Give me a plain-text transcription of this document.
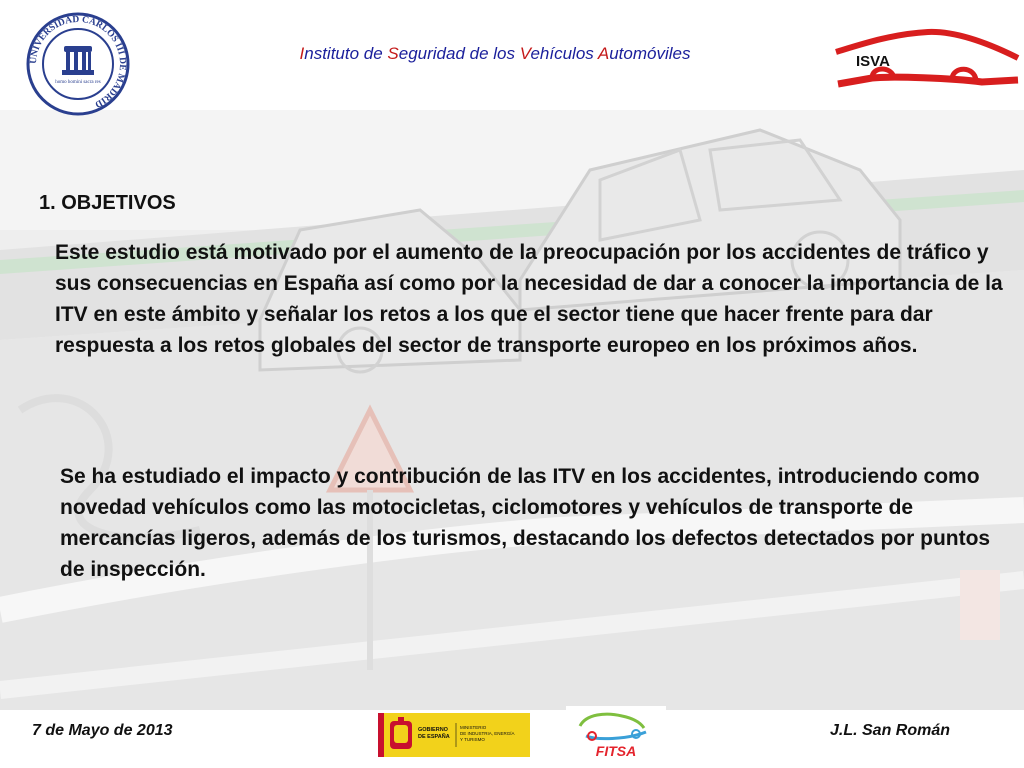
UNIVERSIDAD CARLOS III DE MADRID
homo homini sacra res
Instituto de Seguridad de los Vehículos Automóviles	ISVA
1. OBJETIVOS
Este estudio está motivado por el aumento de la preocupación por los accidentes de tráfico y sus consecuencias en España así como por la necesidad de dar a conocer la importancia de la ITV en este ámbito y señalar los retos a los que el sector tiene que hacer frente para dar respuesta a los retos globales del sector de transporte europeo en los próximos años.
Se ha estudiado el impacto y contribución de las ITV en los accidentes, introduciendo como novedad vehículos como las motocicletas, ciclomotores y vehículos de transporte de mercancías ligeros, además de los turismos, destacando los defectos detectados por puntos de inspección.
7 de Mayo de 2013	GOBIERNO
DE ESPAÑA
MINISTERIO
DE INDUSTRIA, ENERGÍA
Y TURISMO
FITSA
J.L. San Román
